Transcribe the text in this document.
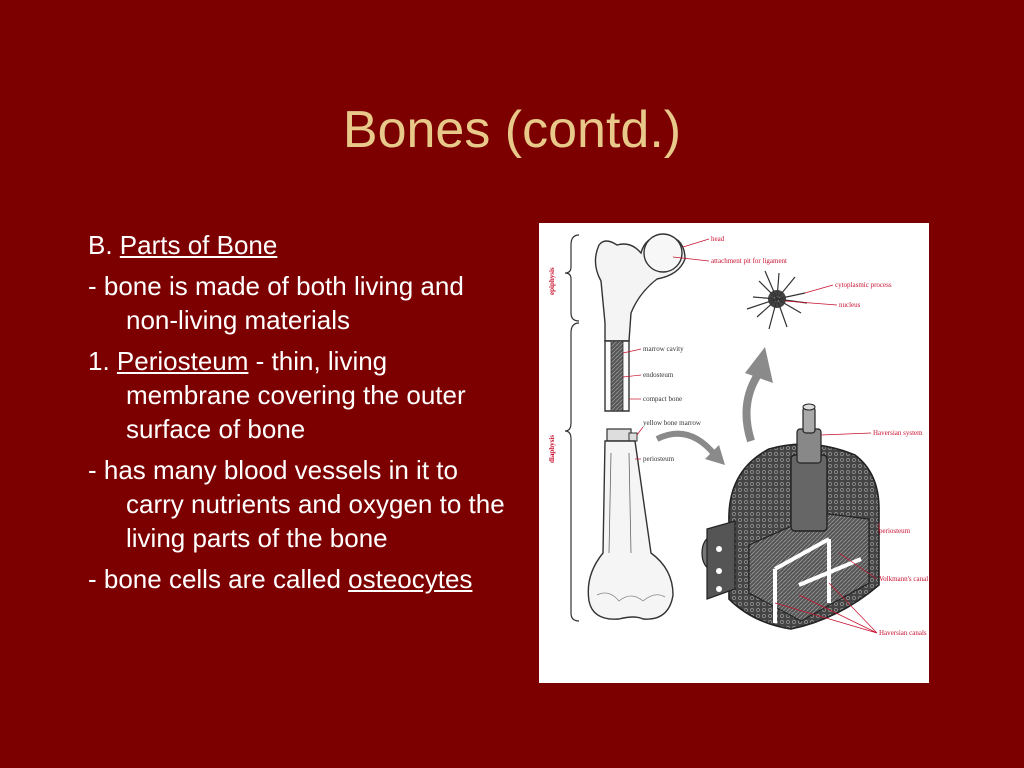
Bones (contd.)

B. Parts of Bone

- bone is made of both living and non-living materials

1. Periosteum - thin, living membrane covering the outer surface of bone

- has many blood vessels in it to carry nutrients and oxygen to the living parts of the bone

- bone cells are called osteocytes

epiphysis
diaphysis
head
attachment pit for ligament
cytoplasmic process
nucleus
marrow cavity
endosteum
compact bone
yellow bone marrow
periosteum
Haversian system
periosteum
Volkmann's canal
Haversian canals
